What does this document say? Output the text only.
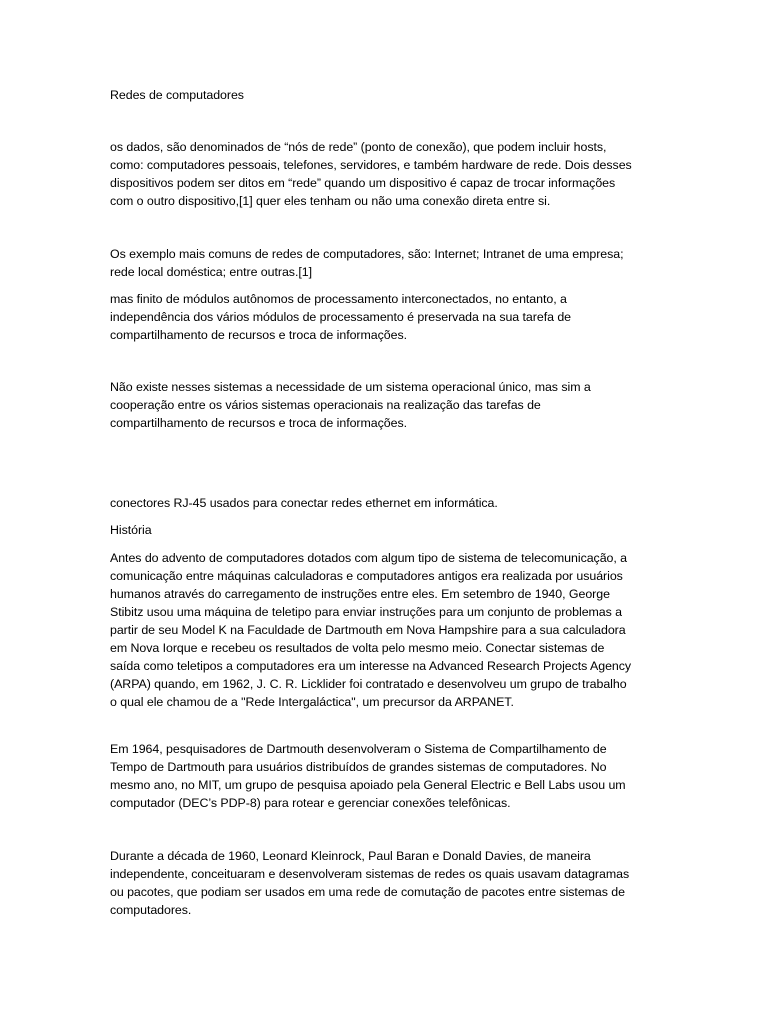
Redes de computadores

os dados, são denominados de “nós de rede” (ponto de conexão), que podem incluir hosts,
como: computadores pessoais, telefones, servidores, e também hardware de rede. Dois desses
dispositivos podem ser ditos em “rede” quando um dispositivo é capaz de trocar informações
com o outro dispositivo,[1] quer eles tenham ou não uma conexão direta entre si.

Os exemplo mais comuns de redes de computadores, são: Internet; Intranet de uma empresa;
rede local doméstica; entre outras.[1]

mas finito de módulos autônomos de processamento interconectados, no entanto, a
independência dos vários módulos de processamento é preservada na sua tarefa de
compartilhamento de recursos e troca de informações.

Não existe nesses sistemas a necessidade de um sistema operacional único, mas sim a
cooperação entre os vários sistemas operacionais na realização das tarefas de
compartilhamento de recursos e troca de informações.

conectores RJ-45 usados para conectar redes ethernet em informática.

História

Antes do advento de computadores dotados com algum tipo de sistema de telecomunicação, a
comunicação entre máquinas calculadoras e computadores antigos era realizada por usuários
humanos através do carregamento de instruções entre eles. Em setembro de 1940, George
Stibitz usou uma máquina de teletipo para enviar instruções para um conjunto de problemas a
partir de seu Model K na Faculdade de Dartmouth em Nova Hampshire para a sua calculadora
em Nova Iorque e recebeu os resultados de volta pelo mesmo meio. Conectar sistemas de
saída como teletipos a computadores era um interesse na Advanced Research Projects Agency
(ARPA) quando, em 1962, J. C. R. Licklider foi contratado e desenvolveu um grupo de trabalho
o qual ele chamou de a "Rede Intergaláctica", um precursor da ARPANET.

Em 1964, pesquisadores de Dartmouth desenvolveram o Sistema de Compartilhamento de
Tempo de Dartmouth para usuários distribuídos de grandes sistemas de computadores. No
mesmo ano, no MIT, um grupo de pesquisa apoiado pela General Electric e Bell Labs usou um
computador (DEC’s PDP-8) para rotear e gerenciar conexões telefônicas.

Durante a década de 1960, Leonard Kleinrock, Paul Baran e Donald Davies, de maneira
independente, conceituaram e desenvolveram sistemas de redes os quais usavam datagramas
ou pacotes, que podiam ser usados em uma rede de comutação de pacotes entre sistemas de
computadores.
